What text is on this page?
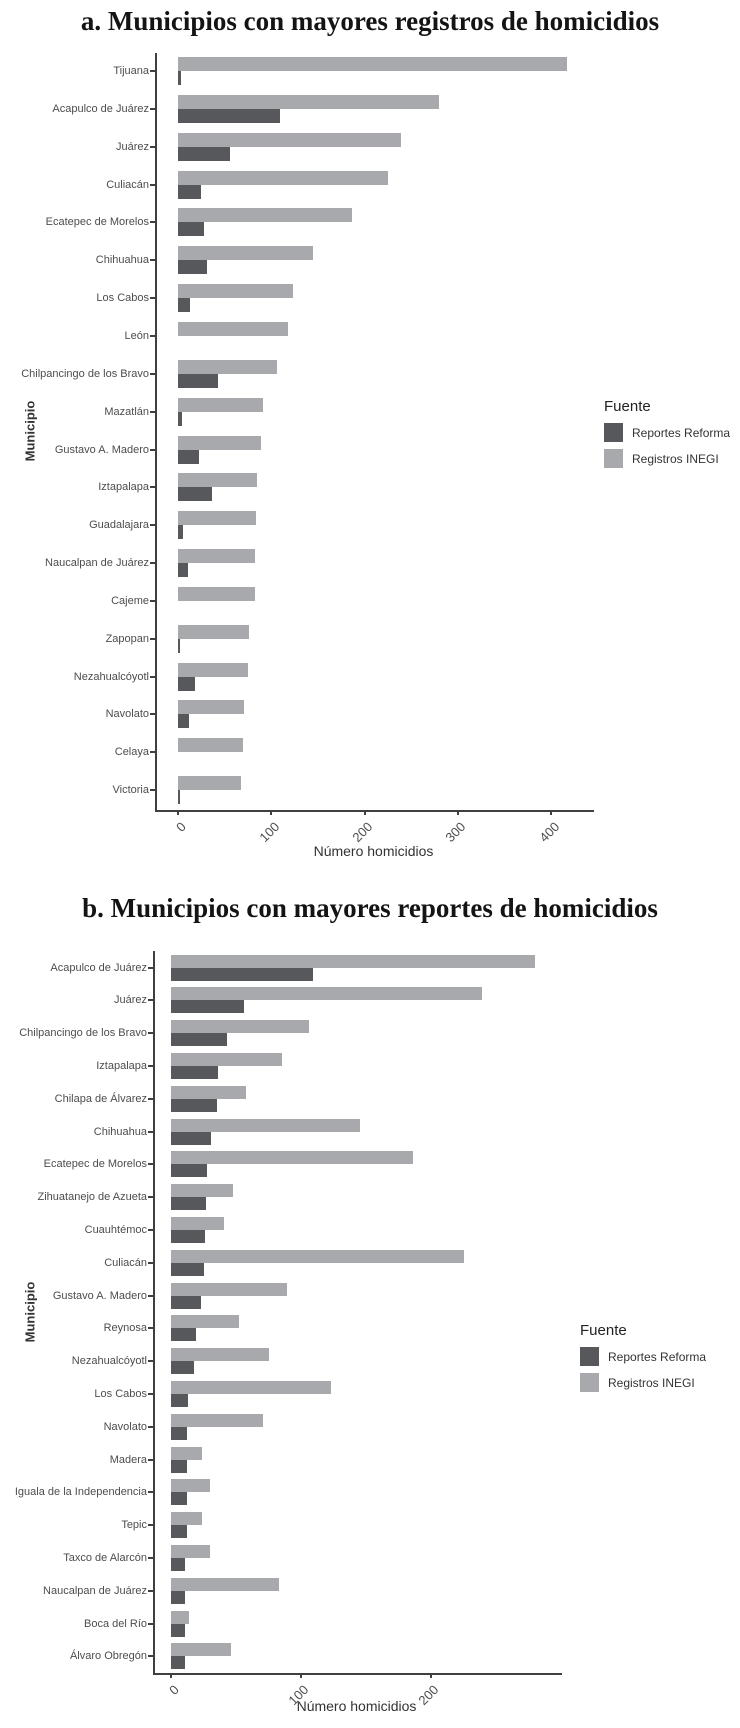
a. Municipios con mayores registros de homicidios
Municipio
Tijuana
Acapulco de Juárez
Juárez
Culiacán
Ecatepec de Morelos
Chihuahua
Los Cabos
León
Chilpancingo de los Bravo
Mazatlán
Gustavo A. Madero
Iztapalapa
Guadalajara
Naucalpan de Juárez
Cajeme
Zapopan
Nezahualcóyotl
Navolato
Celaya
Victoria
0	100	200	300	400
Número homicidios
Fuente
Reportes Reforma
Registros INEGI
b. Municipios con mayores reportes de homicidios
Municipio
Acapulco de Juárez
Juárez
Chilpancingo de los Bravo
Iztapalapa
Chilapa de Álvarez
Chihuahua
Ecatepec de Morelos
Zihuatanejo de Azueta
Cuauhtémoc
Culiacán
Gustavo A. Madero
Reynosa
Nezahualcóyotl
Los Cabos
Navolato
Madera
Iguala de la Independencia
Tepic
Taxco de Alarcón
Naucalpan de Juárez
Boca del Río
Álvaro Obregón
0	100	200
Número homicidios
Fuente
Reportes Reforma
Registros INEGI
